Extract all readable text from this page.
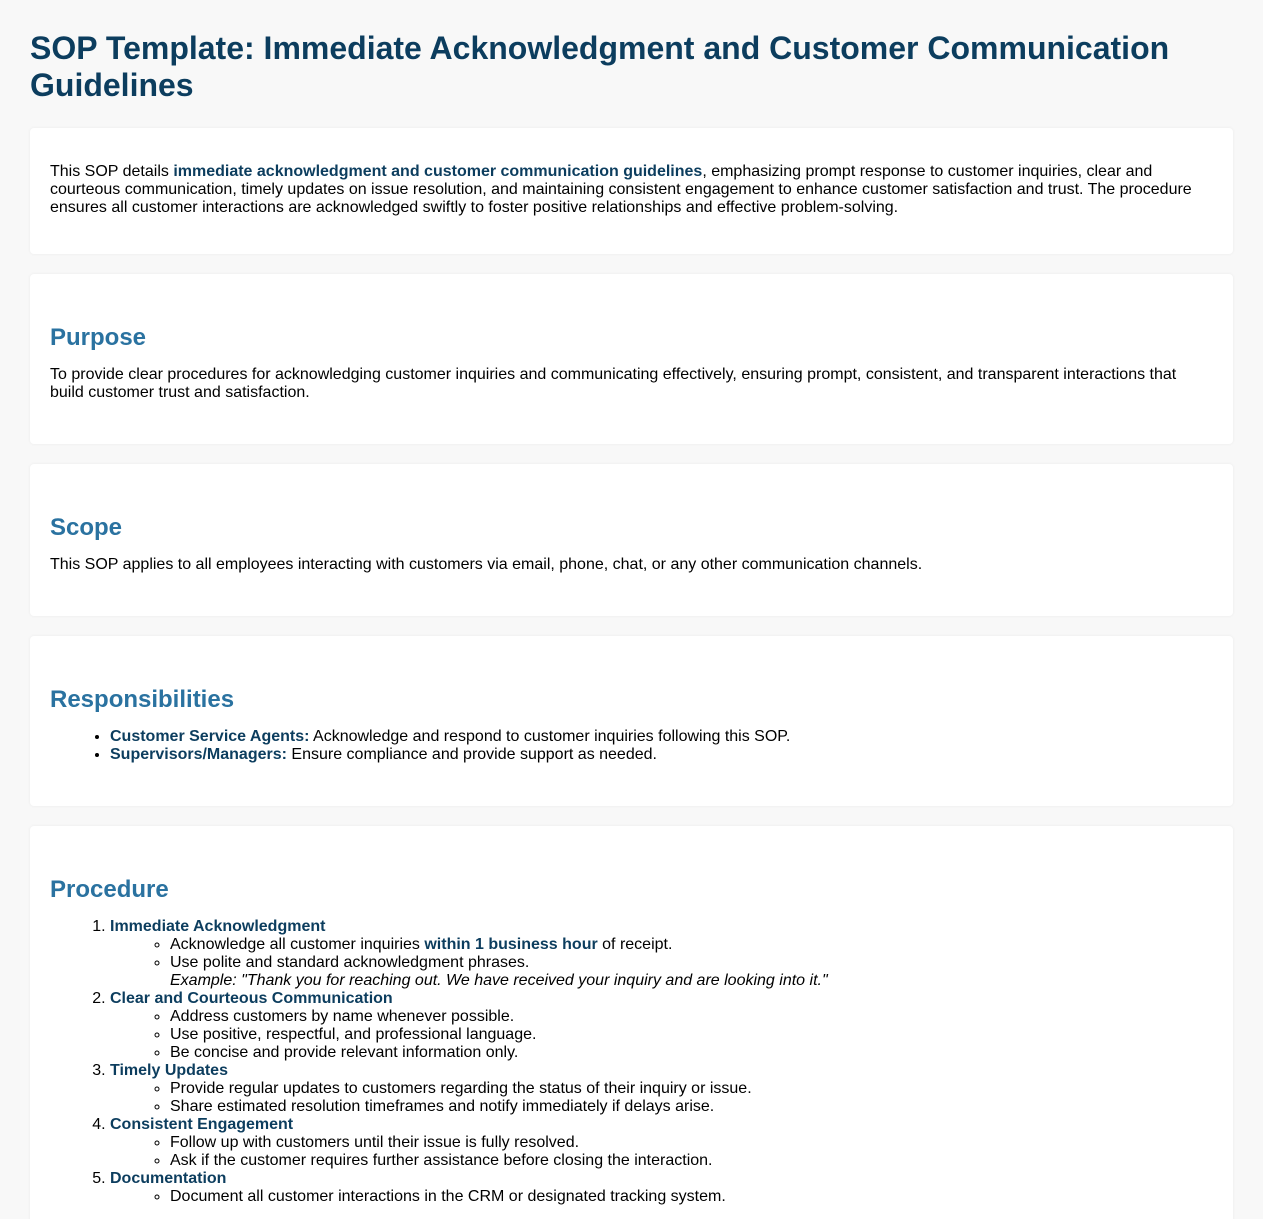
SOP Template: Immediate Acknowledgment and Customer Communication Guidelines

This SOP details immediate acknowledgment and customer communication guidelines, emphasizing prompt response to customer inquiries, clear and courteous communication, timely updates on issue resolution, and maintaining consistent engagement to enhance customer satisfaction and trust. The procedure ensures all customer interactions are acknowledged swiftly to foster positive relationships and effective problem-solving.

Purpose

To provide clear procedures for acknowledging customer inquiries and communicating effectively, ensuring prompt, consistent, and transparent interactions that build customer trust and satisfaction.

Scope

This SOP applies to all employees interacting with customers via email, phone, chat, or any other communication channels.

Responsibilities
• Customer Service Agents: Acknowledge and respond to customer inquiries following this SOP.
• Supervisors/Managers: Ensure compliance and provide support as needed.
Procedure
1. Immediate Acknowledgment
◦ Acknowledge all customer inquiries within 1 business hour of receipt.
◦ Use polite and standard acknowledgment phrases.
Example: "Thank you for reaching out. We have received your inquiry and are looking into it."
2. Clear and Courteous Communication
◦ Address customers by name whenever possible.
◦ Use positive, respectful, and professional language.
◦ Be concise and provide relevant information only.
3. Timely Updates
◦ Provide regular updates to customers regarding the status of their inquiry or issue.
◦ Share estimated resolution timeframes and notify immediately if delays arise.
4. Consistent Engagement
◦ Follow up with customers until their issue is fully resolved.
◦ Ask if the customer requires further assistance before closing the interaction.
5. Documentation
◦ Document all customer interactions in the CRM or designated tracking system.
